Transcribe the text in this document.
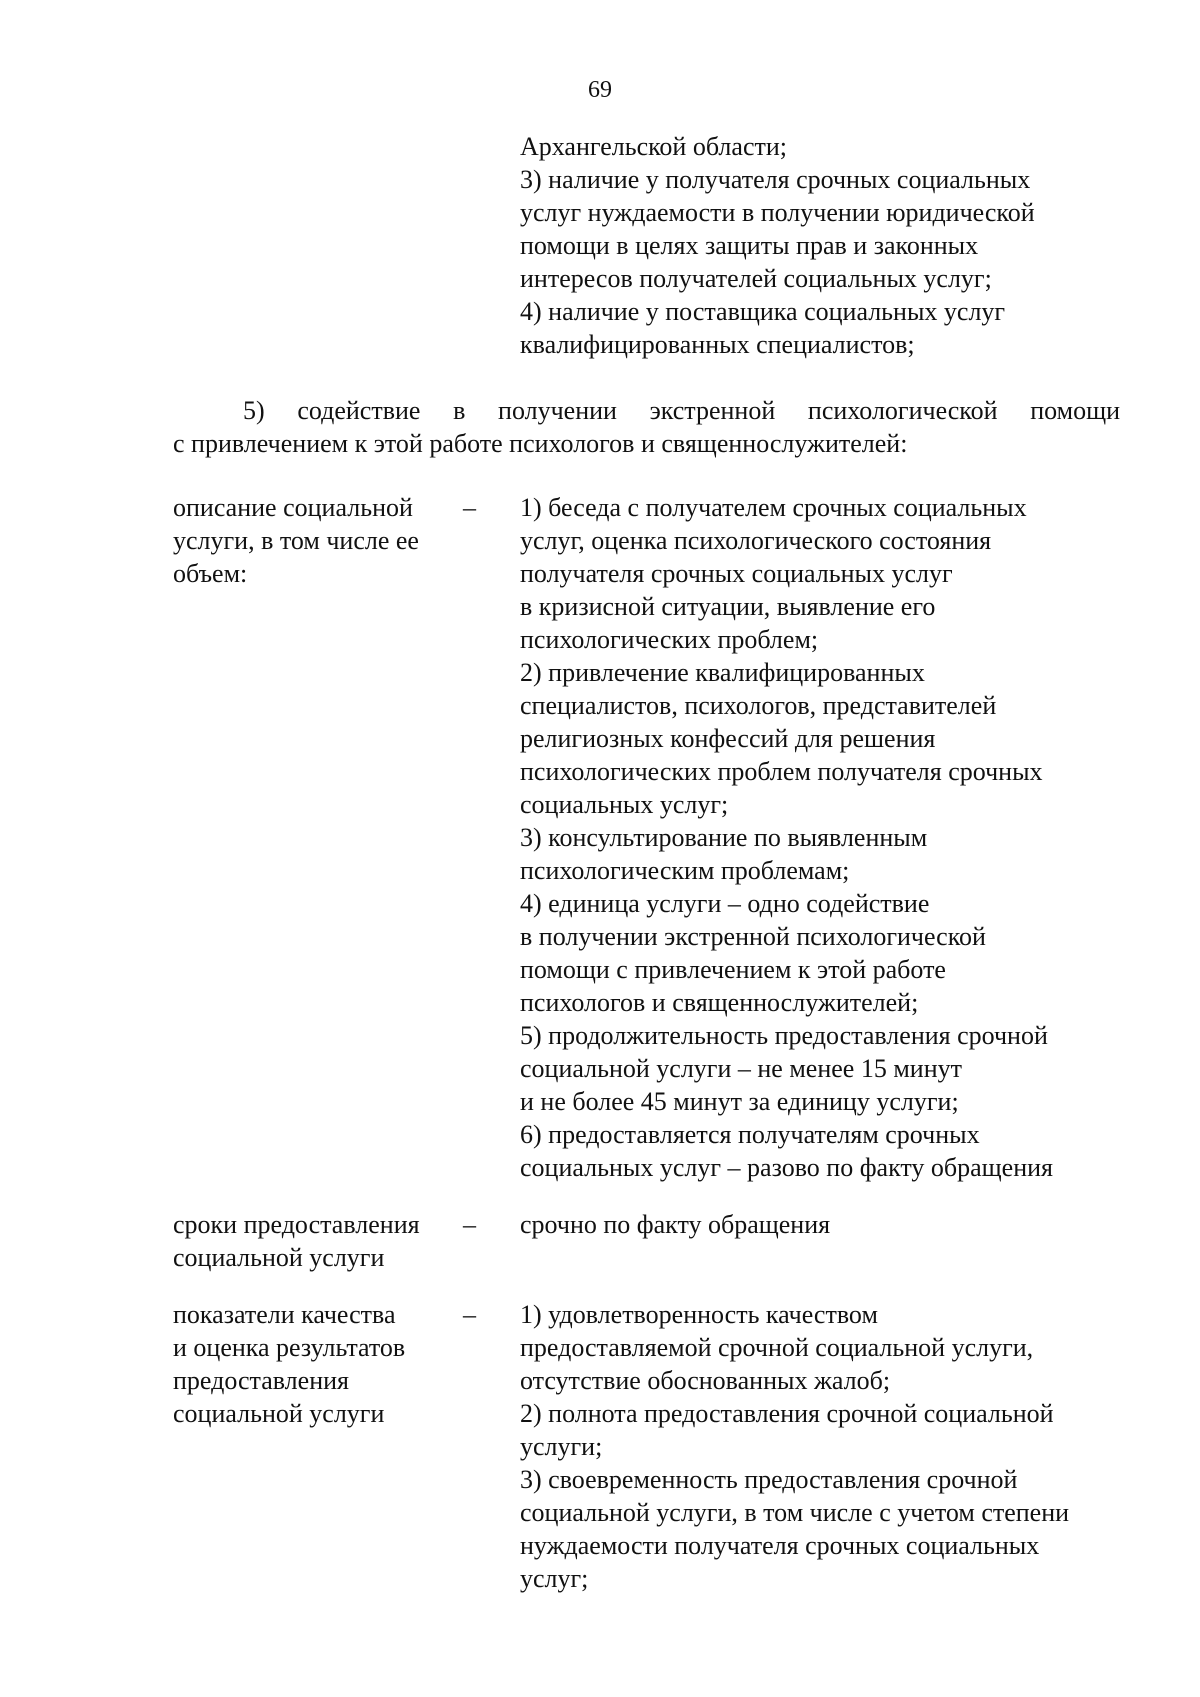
69
Архангельской области;
3) наличие у получателя срочных социальных
услуг нуждаемости в получении юридической
помощи в целях защиты прав и законных
интересов получателей социальных услуг;
4) наличие у поставщика социальных услуг
квалифицированных специалистов;
5) содействие в получении экстренной психологической помощи
с привлечением к этой работе психологов и священнослужителей:
описание социальной
услуги, в том числе ее
объем:
– 1) беседа с получателем срочных социальных
услуг, оценка психологического состояния
получателя срочных социальных услуг
в кризисной ситуации, выявление его
психологических проблем;
2) привлечение квалифицированных
специалистов, психологов, представителей
религиозных конфессий для решения
психологических проблем получателя срочных
социальных услуг;
3) консультирование по выявленным
психологическим проблемам;
4) единица услуги – одно содействие
в получении экстренной психологической
помощи с привлечением к этой работе
психологов и священнослужителей;
5) продолжительность предоставления срочной
социальной услуги – не менее 15 минут
и не более 45 минут за единицу услуги;
6) предоставляется получателям срочных
социальных услуг – разово по факту обращения
сроки предоставления
социальной услуги
– срочно по факту обращения
показатели качества
и оценка результатов
предоставления
социальной услуги
– 1) удовлетворенность качеством
предоставляемой срочной социальной услуги,
отсутствие обоснованных жалоб;
2) полнота предоставления срочной социальной
услуги;
3) своевременность предоставления срочной
социальной услуги, в том числе с учетом степени
нуждаемости получателя срочных социальных
услуг;
